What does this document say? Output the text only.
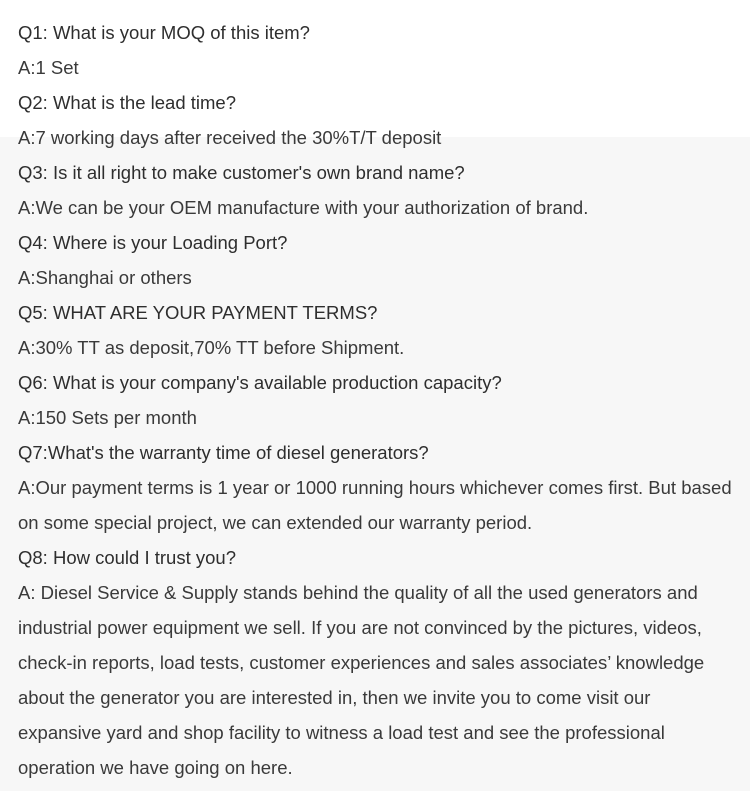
Q1: What is your MOQ of this item?
A:1 Set
Q2: What is the lead time?
A:7 working days after received the 30%T/T deposit
Q3: Is it all right to make customer's own brand name?
A:We can be your OEM manufacture with your authorization of brand.
Q4: Where is your Loading Port?
A:Shanghai or others
Q5: WHAT ARE YOUR PAYMENT TERMS?
A:30% TT as deposit,70% TT before Shipment.
Q6: What is your company's available production capacity?
A:150 Sets per month
Q7:What's the warranty time of diesel generators?
A:Our payment terms is 1 year or 1000 running hours whichever comes first. But based on some special project, we can extended our warranty period.
Q8: How could I trust you?
A: Diesel Service & Supply stands behind the quality of all the used generators and industrial power equipment we sell. If you are not convinced by the pictures, videos, check-in reports, load tests, customer experiences and sales associates’ knowledge about the generator you are interested in, then we invite you to come visit our expansive yard and shop facility to witness a load test and see the professional operation we have going on here.
